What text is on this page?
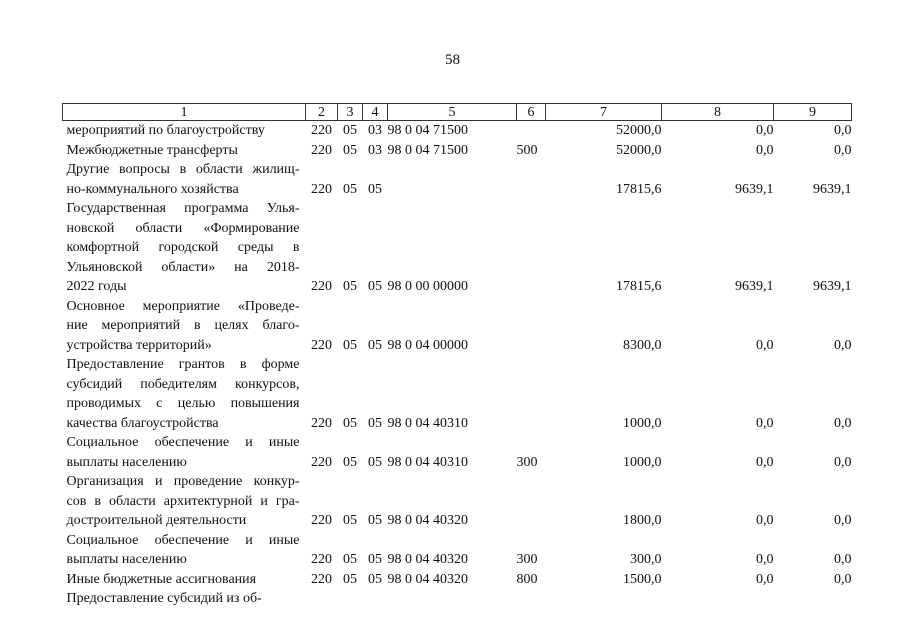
58
1	2	3	4	5	6	7	8	9

мероприятий по благоустройству	220	05	03	98 0 04 71500		52000,0	0,0	0,0

Межбюджетные трансферты	220	05	03	98 0 04 71500	500	52000,0	0,0	0,0

Другие вопросы в области жилищ-
но-коммунального хозяйства	220	05	05			17815,6	9639,1	9639,1

Государственная программа Улья-
новской области «Формирование
комфортной городской среды в
Ульяновской области» на 2018-
2022 годы	220	05	05	98 0 00 00000		17815,6	9639,1	9639,1

Основное мероприятие «Проведе-
ние мероприятий в целях благо-
устройства территорий»	220	05	05	98 0 04 00000		8300,0	0,0	0,0

Предоставление грантов в форме
субсидий победителям конкурсов,
проводимых с целью повышения
качества благоустройства	220	05	05	98 0 04 40310		1000,0	0,0	0,0

Социальное обеспечение и иные
выплаты населению	220	05	05	98 0 04 40310	300	1000,0	0,0	0,0

Организация и проведение конкур-
сов в области архитектурной и гра-
достроительной деятельности	220	05	05	98 0 04 40320		1800,0	0,0	0,0

Социальное обеспечение и иные
выплаты населению	220	05	05	98 0 04 40320	300	300,0	0,0	0,0

Иные бюджетные ассигнования	220	05	05	98 0 04 40320	800	1500,0	0,0	0,0

Предоставление субсидий из об-								
